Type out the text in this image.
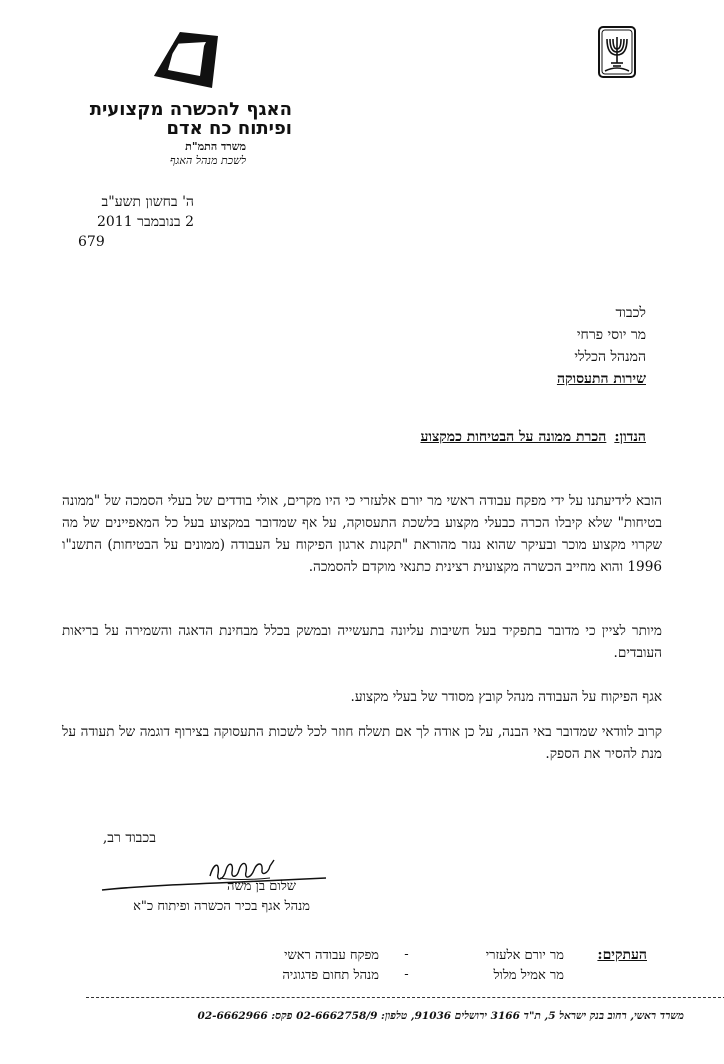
האגף להכשרה מקצועית
ופיתוח כח אדם
משרד התמ"ת
לשכת מנהל האגף
ה' בחשון תשע"ב
2 בנובמבר 2011
679
לכבוד
מר יוסי פרחי
המנהל הכללי
שירות התעסוקה
הנדון:הכרת ממונה על הבטיחות כמקצוע
הובא לידיעתנו על ידי מפקח עבודה ראשי מר יורם אלעזרי כי היו מקרים, אולי בודדים של בעלי הסמכה של "ממונה בטיחות" שלא קיבלו הכרה כבעלי מקצוע בלשכת התעסוקה, על אף שמדובר במקצוע בעל כל המאפיינים של מה שקרוי מקצוע מוכר ובעיקר שהוא נגזר מהוראת "תקנות ארגון הפיקוח על העבודה (ממונים על הבטיחות) התשנ"ו 1996 והוא מחייב הכשרה מקצועית רצינית כתנאי מוקדם להסמכה.
מיותר לציין כי מדובר בתפקיד בעל חשיבות עליונה בתעשייה ובמשק בכלל מבחינת הדאגה והשמירה על בריאות העובדים.
אגף הפיקוח על העבודה מנהל קובץ מסודר של בעלי מקצוע.
קרוב לוודאי שמדובר באי הבנה, על כן אודה לך אם תשלח חוזר לכל לשכות התעסוקה בצירוף דוגמה של תעודה על מנת להסיר את הספק.
בכבוד רב,
שלום בן משה
מנהל אגף בכיר הכשרה ופיתוח כ"א
העתקים:
מר יורם אלעזרי
-
מפקח עבודה ראשי
מר אמיל מלול
-
מנהל תחום פדגוגיה
משרד ראשי, רחוב בנק ישראל 5, ת"ד 3166 ירושלים 91036, טלפון: 02-6662758/9 פקס: 02-6662966
